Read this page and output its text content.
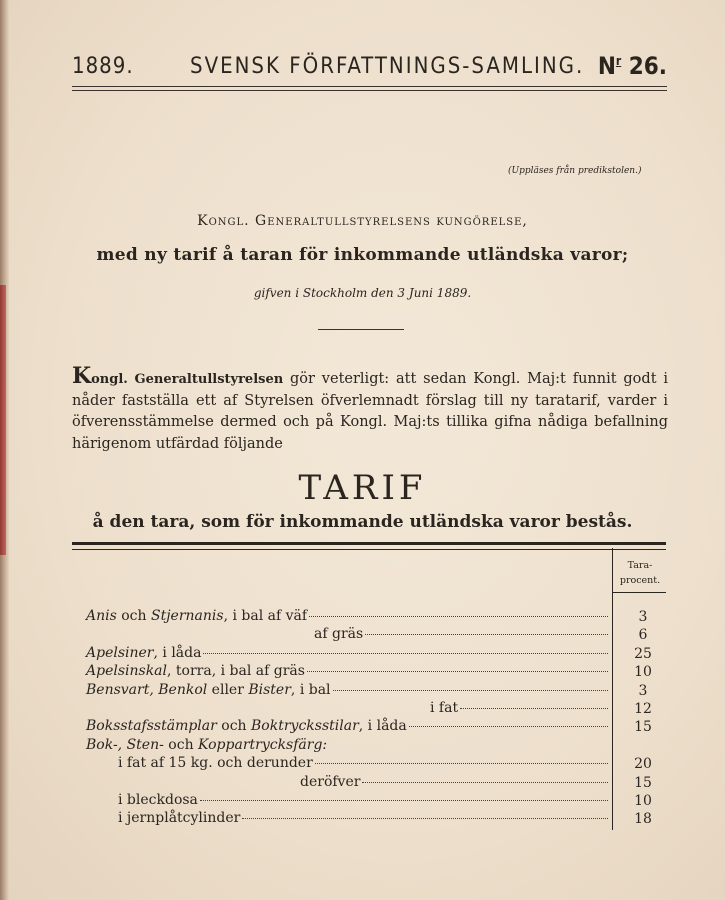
1889.	SVENSK FÖRFATTNINGS-SAMLING. $N^r$ 26.
(Uppläses från predikstolen.)
Kongl. Generaltullstyrelsens kungörelse,
med ny tarif å taran för inkommande utländska varor;
gifven i Stockholm den 3 Juni 1889.
Kongl. Generaltullstyrelsen gör veterligt: att sedan Kongl. Maj:t funnit godt i nåder fastställa ett af Styrelsen öfverlemnadt förslag till ny taratarif, varder i öfverensstämmelse dermed och på Kongl. Maj:ts tillika gifna nådiga befallning härigenom utfärdad följande
TARIF
å den tara, som för inkommande utländska varor bestås.
Tara-
procent.
Anis och Stjernanis, i bal af väf	3
af gräs	6
Apelsiner, i låda	25
Apelsinskal, torra, i bal af gräs	10
Bensvart, Benkol eller Bister, i bal	3
i fat	12
Boksstafsstämplar och Boktrycksstilar, i låda	15
Bok-, Sten- och Koppartrycksfärg:
i fat af 15 kg. och derunder	20
deröfver	15
i bleckdosa	10
i jernplåtcylinder	18
